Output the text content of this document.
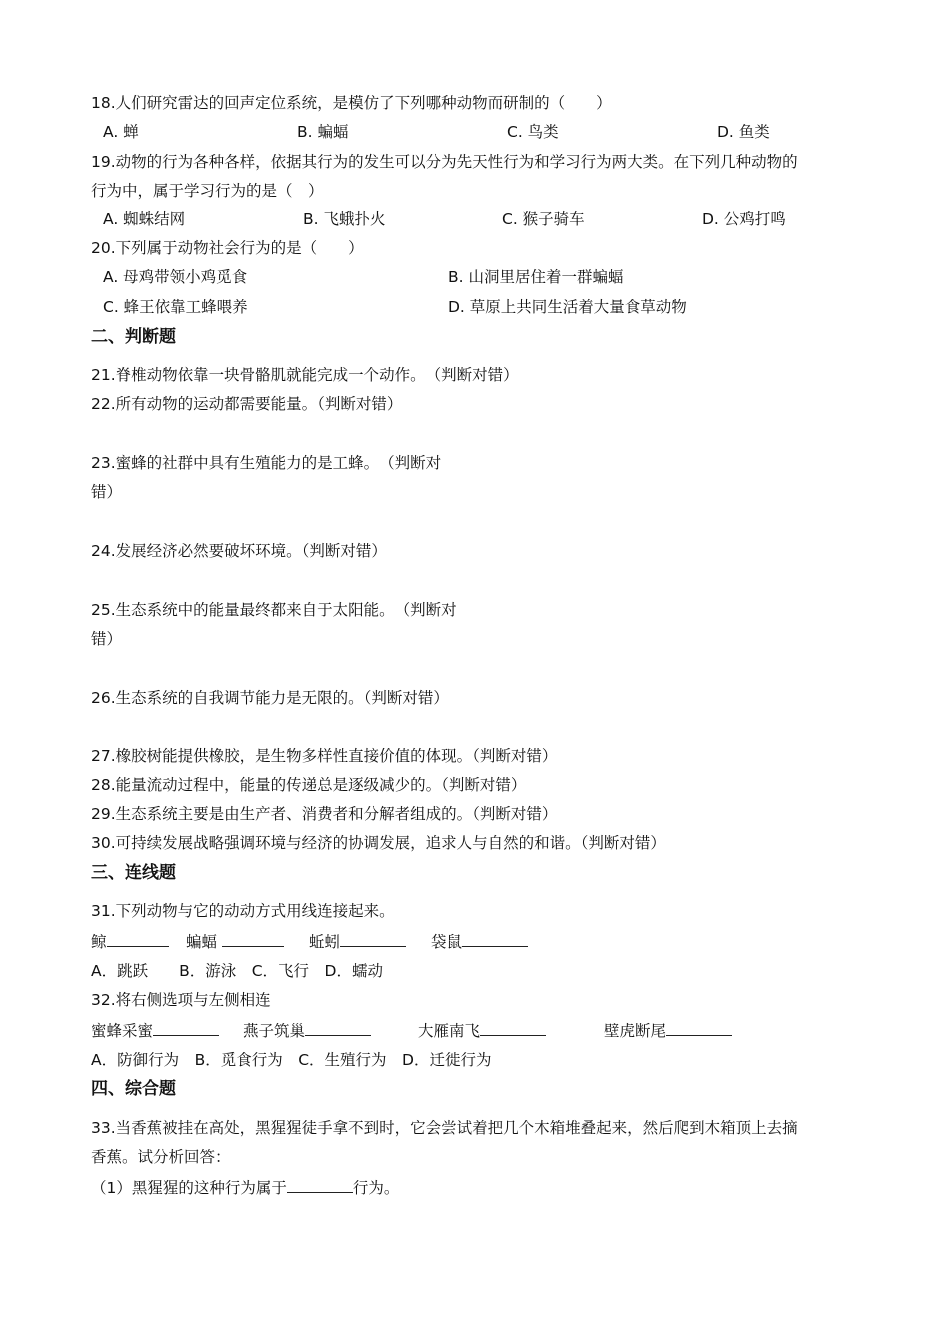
18.人们研究雷达的回声定位系统，是模仿了下列哪种动物而研制的（　　）
A. 蝉	B. 蝙蝠	C. 鸟类	D. 鱼类
19.动物的行为各种各样，依据其行为的发生可以分为先天性行为和学习行为两大类。在下列几种动物的
行为中，属于学习行为的是（　）
A. 蜘蛛结网	B. 飞蛾扑火	C. 猴子骑车	D. 公鸡打鸣
20.下列属于动物社会行为的是（　　）
A. 母鸡带领小鸡觅食	B. 山洞里居住着一群蝙蝠
C. 蜂王依靠工蜂喂养	D. 草原上共同生活着大量食草动物
二、判断题
21.脊椎动物依靠一块骨骼肌就能完成一个动作。　（判断对错）
22.所有动物的运动都需要能量。（判断对错）
23.蜜蜂的社群中具有生殖能力的是工蜂。　（判断对
错）
24.发展经济必然要破坏环境。（判断对错）
25.生态系统中的能量最终都来自于太阳能。　（判断对
错）
26.生态系统的自我调节能力是无限的。（判断对错）
27.橡胶树能提供橡胶，是生物多样性直接价值的体现。（判断对错）
28.能量流动过程中，能量的传递总是逐级减少的。（判断对错）
29.生态系统主要是由生产者、消费者和分解者组成的。（判断对错）
30.可持续发展战略强调环境与经济的协调发展，追求人与自然的和谐。（判断对错）
三、连线题
31.下列动物与它的动动方式用线连接起来。
鲸	蝙蝠	蚯蚓	袋鼠
A．跳跃　　B．游泳　C．飞行　D．蠕动
32.将右侧选项与左侧相连
蜜蜂采蜜	燕子筑巢	大雁南飞	壁虎断尾
A．防御行为　B．觅食行为　C．生殖行为　D．迁徙行为
四、综合题
33.当香蕉被挂在高处，黑猩猩徒手拿不到时，它会尝试着把几个木箱堆叠起来，然后爬到木箱顶上去摘
香蕉。试分析回答：
（1）黑猩猩的这种行为属于	行为。
